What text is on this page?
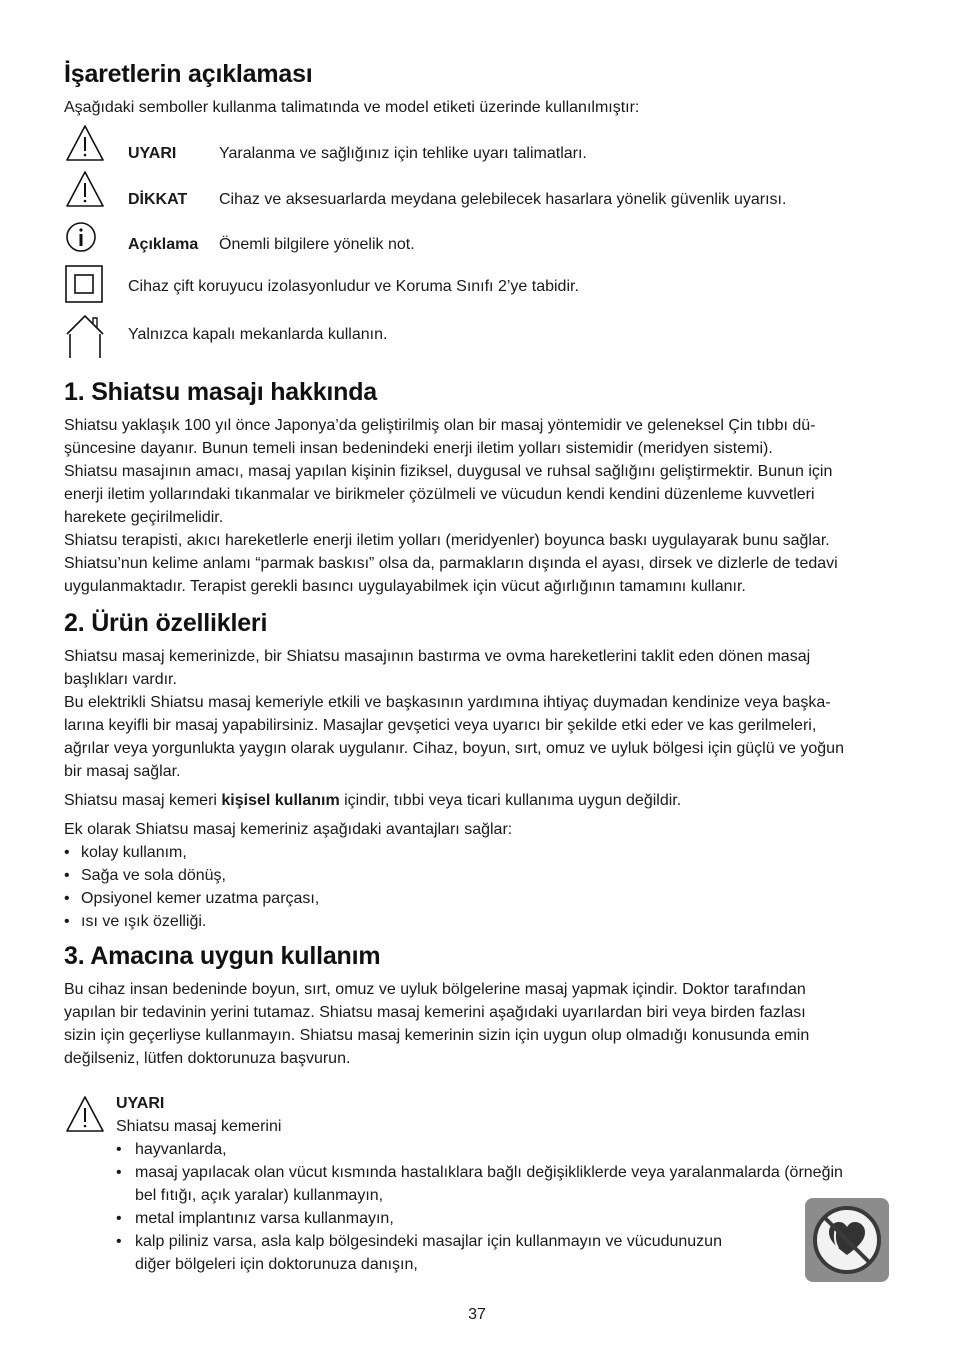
İşaretlerin açıklaması

Aşağıdaki semboller kullanma talimatında ve model etiketi üzerinde kullanılmıştır:

UYARI	Yaralanma ve sağlığınız için tehlike uyarı talimatları.
DİKKAT Cihaz ve aksesuarlarda meydana gelebilecek hasarlara yönelik güvenlik uyarısı.
Açıklama Önemli bilgilere yönelik not.
Cihaz çift koruyucu izolasyonludur ve Koruma Sınıfı 2’ye tabidir.
Yalnızca kapalı mekanlarda kullanın.
1. Shiatsu masajı hakkında

Shiatsu yaklaşık 100 yıl önce Japonya’da geliştirilmiş olan bir masaj yöntemidir ve geleneksel Çin tıbbı dü-

şüncesine dayanır. Bunun temeli insan bedenindeki enerji iletim yolları sistemidir (meridyen sistemi).

Shiatsu masajının amacı, masaj yapılan kişinin fiziksel, duygusal ve ruhsal sağlığını geliştirmektir. Bunun için

enerji iletim yollarındaki tıkanmalar ve birikmeler çözülmeli ve vücudun kendi kendini düzenleme kuvvetleri

harekete geçirilmelidir.

Shiatsu terapisti, akıcı hareketlerle enerji iletim yolları (meridyenler) boyunca baskı uygulayarak bunu sağlar.

Shiatsu’nun kelime anlamı “parmak baskısı” olsa da, parmakların dışında el ayası, dirsek ve dizlerle de tedavi

uygulanmaktadır. Terapist gerekli basıncı uygulayabilmek için vücut ağırlığının tamamını kullanır.

2. Ürün özellikleri

Shiatsu masaj kemerinizde, bir Shiatsu masajının bastırma ve ovma hareketlerini taklit eden dönen masaj

başlıkları vardır.

Bu elektrikli Shiatsu masaj kemeriyle etkili ve başkasının yardımına ihtiyaç duymadan kendinize veya başka-

larına keyifli bir masaj yapabilirsiniz. Masajlar gevşetici veya uyarıcı bir şekilde etki eder ve kas gerilmeleri,

ağrılar veya yorgunlukta yaygın olarak uygulanır. Cihaz, boyun, sırt, omuz ve uyluk bölgesi için güçlü ve yoğun

bir masaj sağlar.

Shiatsu masaj kemeri kişisel kullanım içindir, tıbbi veya ticari kullanıma uygun değildir.

Ek olarak Shiatsu masaj kemeriniz aşağıdaki avantajları sağlar:

• kolay kullanım,
• Sağa ve sola dönüş,
• Opsiyonel kemer uzatma parçası,
• ısı ve ışık özelliği.
3. Amacına uygun kullanım

Bu cihaz insan bedeninde boyun, sırt, omuz ve uyluk bölgelerine masaj yapmak içindir. Doktor tarafından

yapılan bir tedavinin yerini tutamaz. Shiatsu masaj kemerini aşağıdaki uyarılardan biri veya birden fazlası

sizin için geçerliyse kullanmayın. Shiatsu masaj kemerinin sizin için uygun olup olmadığı konusunda emin

değilseniz, lütfen doktorunuza başvurun.

UYARI

Shiatsu masaj kemerini

• hayvanlarda,
• masaj yapılacak olan vücut kısmında hastalıklara bağlı değişikliklerde veya yaralanmalarda (örneğin
bel fıtığı, açık yaralar) kullanmayın,
• metal implantınız varsa kullanmayın,
• kalp piliniz varsa, asla kalp bölgesindeki masajlar için kullanmayın ve vücudunuzun
diğer bölgeleri için doktorunuza danışın,
37
